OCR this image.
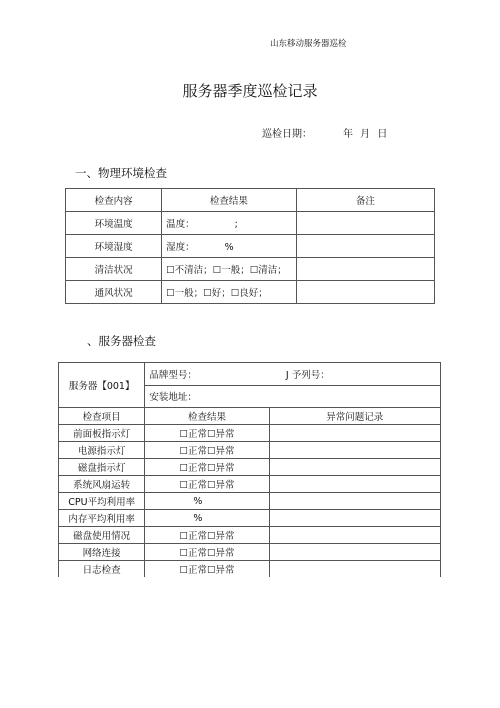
山东移动服务器巡检
服务器季度巡检记录
巡检日期：	年 月 日
一、物理环境检查
检查内容	检查结果	备注
环境温度	温度： ;	
环境湿度	湿度： %	
清洁状况	☐不清洁；☐一般；☐清洁；	
通风状况	☐一般；☐好；☐良好；	
、服务器检查
服务器【001】	品牌型号： J 予列号：	
	安装地址：	
检查项目	检查结果	异常问题记录
前面板指示灯	☐正常☐异常	
电源指示灯	☐正常☐异常	
磁盘指示灯	☐正常☐异常	
系统风扇运转	☐正常☐异常	
CPU平均利用率	%	
内存平均利用率	%	
磁盘使用情况	☐正常☐异常	
网络连接	☐正常☐异常	
日志检查	☐正常☐异常	
